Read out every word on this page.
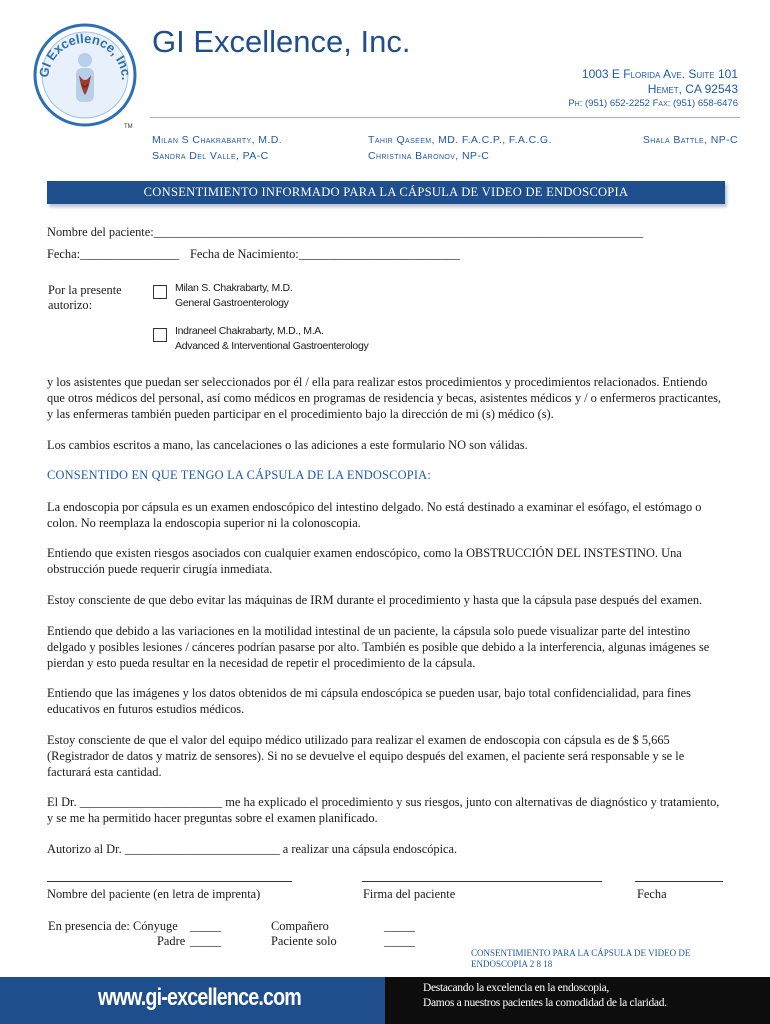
GI Excellence, Inc.
TM
GI Excellence, Inc.
1003 E Florida Ave. Suite 101
Hemet, CA 92543
Ph: (951) 652-2252 Fax: (951) 658-6476
Milan S Chakrabarty, M.D.
Sandra Del Valle, PA-C
Tahir Qaseem, MD. F.A.C.P., F.A.C.G.
Christina Baronov, NP-C
Shala Battle, NP-C
CONSENTIMIENTO INFORMADO PARA LA CÁPSULA DE VIDEO DE ENDOSCOPIA
Nombre del paciente:_______________________________________________________________________________
Fecha:________________ Fecha de Nacimiento:__________________________
Por la presente
autorizo:
Milan S. Chakrabarty, M.D.
General Gastroenterology
Indraneel Chakrabarty, M.D., M.A.
Advanced & Interventional Gastroenterology
y los asistentes que puedan ser seleccionados por él / ella para realizar estos procedimientos y procedimientos relacionados. Entiendo que otros médicos del personal, así como médicos en programas de residencia y becas, asistentes médicos y / o enfermeros practicantes, y las enfermeras también pueden participar en el procedimiento bajo la dirección de mi (s) médico (s).
Los cambios escritos a mano, las cancelaciones o las adiciones a este formulario NO son válidas.
CONSENTIDO EN QUE TENGO LA CÁPSULA DE LA ENDOSCOPIA:
La endoscopia por cápsula es un examen endoscópico del intestino delgado. No está destinado a examinar el esófago, el estómago o colon. No reemplaza la endoscopia superior ni la colonoscopia.
Entiendo que existen riesgos asociados con cualquier examen endoscópico, como la OBSTRUCCIÓN DEL INSTESTINO. Una obstrucción puede requerir cirugía inmediata.
Estoy consciente de que debo evitar las máquinas de IRM durante el procedimiento y hasta que la cápsula pase después del examen.
Entiendo que debido a las variaciones en la motilidad intestinal de un paciente, la cápsula solo puede visualizar parte del intestino delgado y posibles lesiones / cánceres podrían pasarse por alto. También es posible que debido a la interferencia, algunas imágenes se pierdan y esto pueda resultar en la necesidad de repetir el procedimiento de la cápsula.
Entiendo que las imágenes y los datos obtenidos de mi cápsula endoscópica se pueden usar, bajo total confidencialidad, para fines educativos en futuros estudios médicos.
Estoy consciente de que el valor del equipo médico utilizado para realizar el examen de endoscopia con cápsula es de $ 5,665 (Registrador de datos y matriz de sensores). Si no se devuelve el equipo después del examen, el paciente será responsable y se le facturará esta cantidad.
El Dr. _______________________ me ha explicado el procedimiento y sus riesgos, junto con alternativas de diagnóstico y tratamiento, y se me ha permitido hacer preguntas sobre el examen planificado.
Autorizo al Dr. _________________________ a realizar una cápsula endoscópica.
Nombre del paciente (en letra de imprenta)	Firma del paciente	Fecha
En presencia de: Cónyuge _____
Padre _____
Compañero	_____
Paciente solo	_____
CONSENTIMIENTO PARA LA CÁPSULA DE VIDEO DE
ENDOSCOPIA 2 8 18
www.gi-excellence.com	Destacando la excelencia en la endoscopia,
Damos a nuestros pacientes la comodidad de la claridad.
